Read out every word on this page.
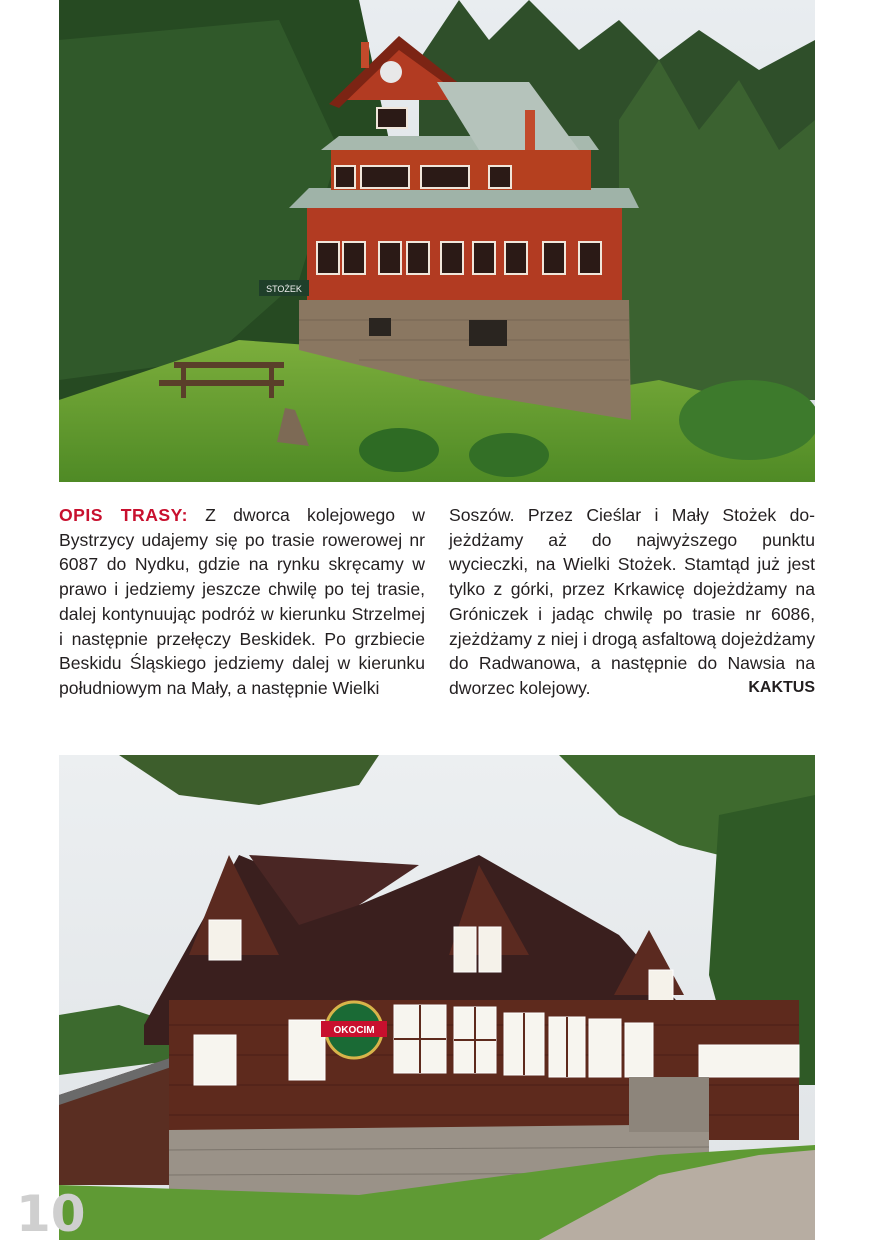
STOŻEK
OPIS TRASY: Z dworca kolejowego w Bystrzycy udajemy się po trasie rowerowej nr 6087 do Nydku, gdzie na rynku skręcamy w prawo i jedziemy jeszcze chwilę po tej trasie, dalej kontynuując podróż w kierunku Strzelmej i następnie przełęczy Beskidek. Po grzbiecie Beskidu Śląskiego jedziemy dalej w kierunku południowym na Mały, a następnie Wielki
Soszów. Przez Cieślar i Mały Stożek dojeżdżamy aż do najwyższego punktu wycieczki, na Wielki Stożek. Stamtąd już jest tylko z górki, przez Krkawicę dojeżdżamy na Gróniczek i jadąc chwilę po trasie nr 6086, zjeżdżamy z niej i drogą asfaltową dojeżdżamy do Radwanowa, a następnie do Nawsia na dworzec kolejowy.	KAKTUS
OKOCIM
10
